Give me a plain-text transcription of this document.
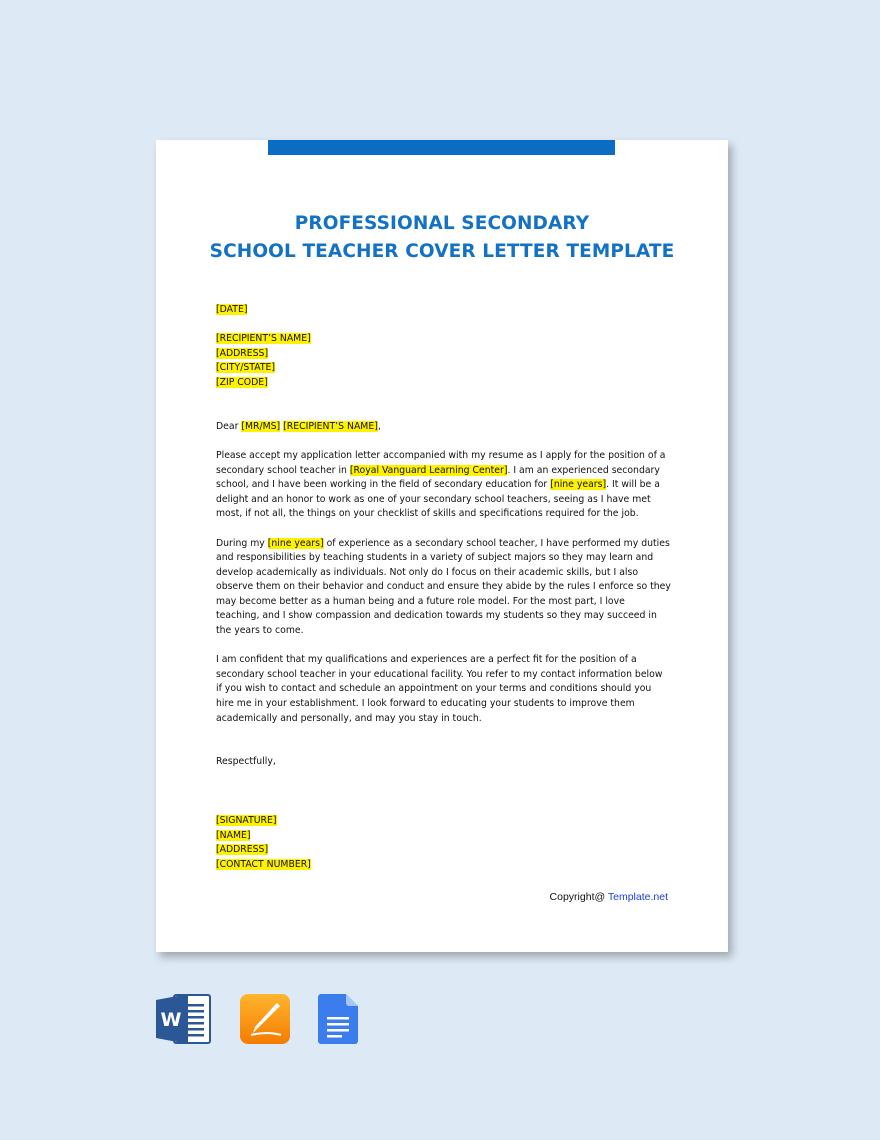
PROFESSIONAL SECONDARY
SCHOOL TEACHER COVER LETTER TEMPLATE
[DATE]
[RECIPIENT’S NAME]
[ADDRESS]
[CITY/STATE]
[ZIP CODE]
Dear [MR/MS] [RECIPIENT’S NAME],

Please accept my application letter accompanied with my resume as I apply for the position of a secondary school teacher in [Royal Vanguard Learning Center]. I am an experienced secondary school, and I have been working in the field of secondary education for [nine years]. It will be a delight and an honor to work as one of your secondary school teachers, seeing as I have met most, if not all, the things on your checklist of skills and specifications required for the job.

During my [nine years] of experience as a secondary school teacher, I have performed my duties and responsibilities by teaching students in a variety of subject majors so they may learn and develop academically as individuals. Not only do I focus on their academic skills, but I also observe them on their behavior and conduct and ensure they abide by the rules I enforce so they may become better as a human being and a future role model. For the most part, I love teaching, and I show compassion and dedication towards my students so they may succeed in the years to come.

I am confident that my qualifications and experiences are a perfect fit for the position of a secondary school teacher in your educational facility. You refer to my contact information below if you wish to contact and schedule an appointment on your terms and conditions should you hire me in your establishment. I look forward to educating your students to improve them academically and personally, and may you stay in touch.

Respectfully,
[SIGNATURE]
[NAME]
[ADDRESS]
[CONTACT NUMBER]
Copyright@ Template.net
W
